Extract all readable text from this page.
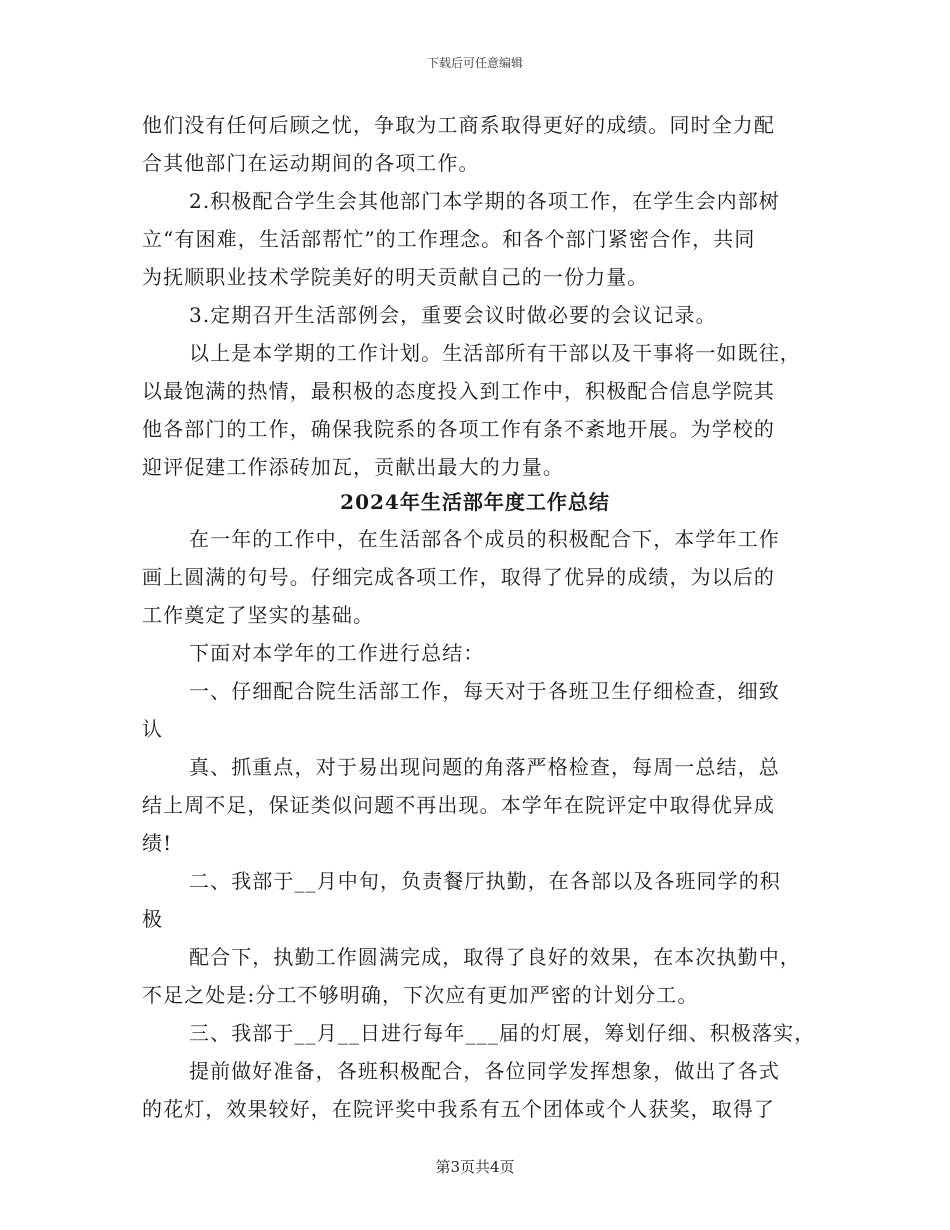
下载后可任意编辑

他们没有任何后顾之忧，争取为工商系取得更好的成绩。同时全力配

合其他部门在运动期间的各项工作。

2.积极配合学生会其他部门本学期的各项工作，在学生会内部树

立“有困难，生活部帮忙”的工作理念。和各个部门紧密合作，共同

为抚顺职业技术学院美好的明天贡献自己的一份力量。

3.定期召开生活部例会，重要会议时做必要的会议记录。

以上是本学期的工作计划。生活部所有干部以及干事将一如既往，

以最饱满的热情，最积极的态度投入到工作中，积极配合信息学院其

他各部门的工作，确保我院系的各项工作有条不紊地开展。为学校的

迎评促建工作添砖加瓦，贡献出最大的力量。

2024年生活部年度工作总结

在一年的工作中，在生活部各个成员的积极配合下，本学年工作

画上圆满的句号。仔细完成各项工作，取得了优异的成绩，为以后的

工作奠定了坚实的基础。

下面对本学年的工作进行总结：

一、仔细配合院生活部工作，每天对于各班卫生仔细检查，细致

认

真、抓重点，对于易出现问题的角落严格检查，每周一总结，总

结上周不足，保证类似问题不再出现。本学年在院评定中取得优异成

绩!

二、我部于__月中旬，负责餐厅执勤，在各部以及各班同学的积

极

配合下，执勤工作圆满完成，取得了良好的效果，在本次执勤中，

不足之处是:分工不够明确，下次应有更加严密的计划分工。

三、我部于__月__日进行每年___届的灯展，筹划仔细、积极落实，

提前做好准备，各班积极配合，各位同学发挥想象，做出了各式

的花灯，效果较好，在院评奖中我系有五个团体或个人获奖，取得了

第3页共4页
